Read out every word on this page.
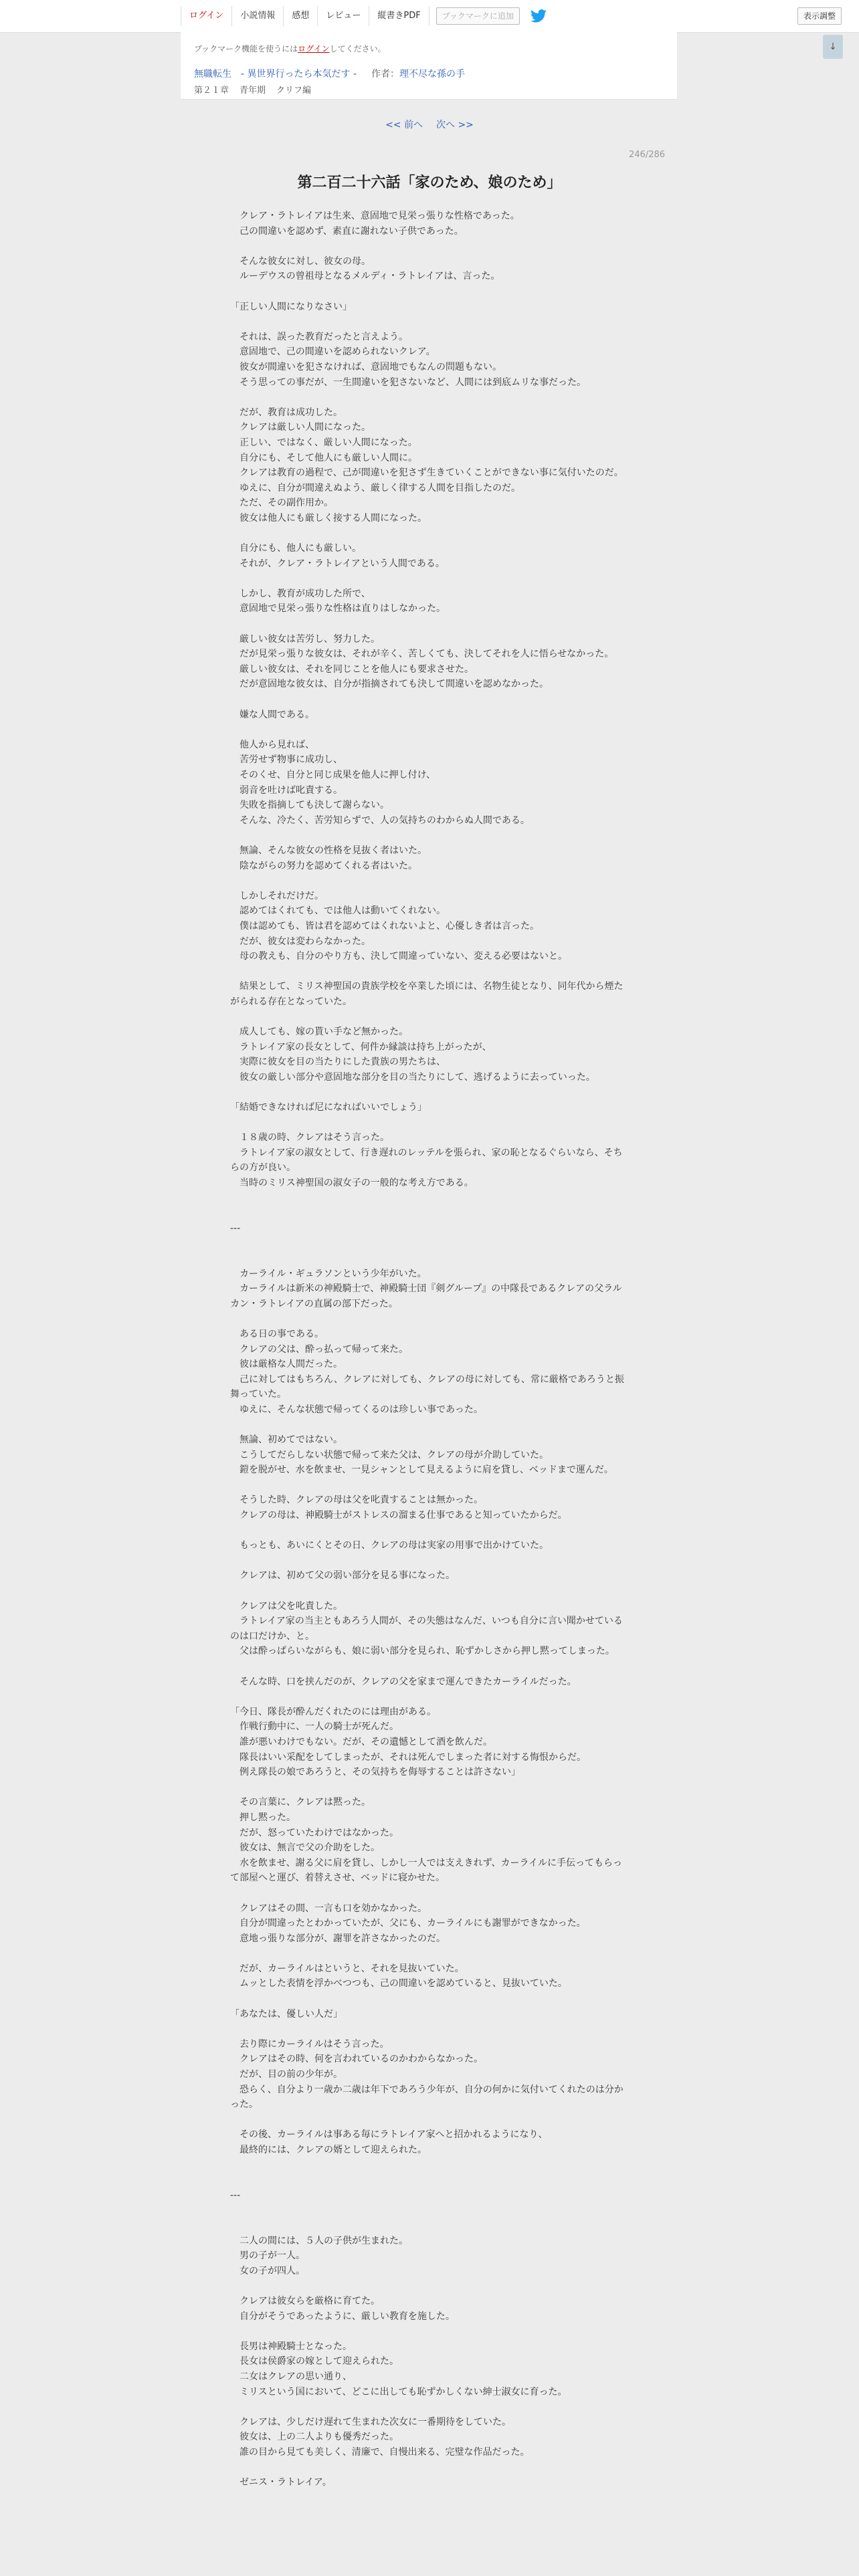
ログイン	小説情報	感想	レビュー	縦書きPDF	ブックマークに追加	表示調整
ブックマーク機能を使うにはログインしてください。
無職転生　- 異世界行ったら本気だす - 作者：理不尽な孫の手
第２１章 青年期 クリフ編
↓
<< 前へ 次へ >>
246/286
第二百二十六話「家のため、娘のため」

　クレア・ラトレイアは生来、意固地で見栄っ張りな性格であった。

　己の間違いを認めず、素直に謝れない子供であった。

　そんな彼女に対し、彼女の母。

　ルーデウスの曾祖母となるメルディ・ラトレイアは、言った。

「正しい人間になりなさい」

　それは、誤った教育だったと言えよう。

　意固地で、己の間違いを認められないクレア。

　彼女が間違いを犯さなければ、意固地でもなんの問題もない。

　そう思っての事だが、一生間違いを犯さないなど、人間には到底ムリな事だった。

　だが、教育は成功した。

　クレアは厳しい人間になった。

　正しい、ではなく、厳しい人間になった。

　自分にも、そして他人にも厳しい人間に。

　クレアは教育の過程で、己が間違いを犯さず生きていくことができない事に気付いたのだ。

　ゆえに、自分が間違えぬよう、厳しく律する人間を目指したのだ。

　ただ、その副作用か。

　彼女は他人にも厳しく接する人間になった。

　自分にも、他人にも厳しい。

　それが、クレア・ラトレイアという人間である。

　しかし、教育が成功した所で、

　意固地で見栄っ張りな性格は直りはしなかった。

　厳しい彼女は苦労し、努力した。

　だが見栄っ張りな彼女は、それが辛く、苦しくても、決してそれを人に悟らせなかった。

　厳しい彼女は、それを同じことを他人にも要求させた。

　だが意固地な彼女は、自分が指摘されても決して間違いを認めなかった。

　嫌な人間である。

　他人から見れば、

　苦労せず物事に成功し、

　そのくせ、自分と同じ成果を他人に押し付け、

　弱音を吐けば叱責する。

　失敗を指摘しても決して謝らない。

　そんな、冷たく、苦労知らずで、人の気持ちのわからぬ人間である。

　無論、そんな彼女の性格を見抜く者はいた。

　陰ながらの努力を認めてくれる者はいた。

　しかしそれだけだ。

　認めてはくれても、では他人は動いてくれない。

　僕は認めても、皆は君を認めてはくれないよと、心優しき者は言った。

　だが、彼女は変わらなかった。

　母の教えも、自分のやり方も、決して間違っていない、変える必要はないと。

　結果として、ミリス神聖国の貴族学校を卒業した頃には、名物生徒となり、同年代から煙たがられる存在となっていた。

　成人しても、嫁の貰い手など無かった。

　ラトレイア家の長女として、何件か縁談は持ち上がったが、

　実際に彼女を目の当たりにした貴族の男たちは、

　彼女の厳しい部分や意固地な部分を目の当たりにして、逃げるように去っていった。

「結婚できなければ尼になればいいでしょう」

　１８歳の時、クレアはそう言った。

　ラトレイア家の淑女として、行き遅れのレッテルを張られ、家の恥となるぐらいなら、そちらの方が良い。

　当時のミリス神聖国の淑女子の一般的な考え方である。

---

　カーライル・ギュラソンという少年がいた。

　カーライルは新米の神殿騎士で、神殿騎士団『剣グループ』の中隊長であるクレアの父ラルカン・ラトレイアの直属の部下だった。

　ある日の事である。

　クレアの父は、酔っ払って帰って来た。

　彼は厳格な人間だった。

　己に対してはもちろん、クレアに対しても、クレアの母に対しても、常に厳格であろうと振舞っていた。

　ゆえに、そんな状態で帰ってくるのは珍しい事であった。

　無論、初めてではない。

　こうしてだらしない状態で帰って来た父は、クレアの母が介助していた。

　鎧を脱がせ、水を飲ませ、一見シャンとして見えるように肩を貸し、ベッドまで運んだ。

　そうした時、クレアの母は父を叱責することは無かった。

　クレアの母は、神殿騎士がストレスの溜まる仕事であると知っていたからだ。

　もっとも、あいにくとその日、クレアの母は実家の用事で出かけていた。

　クレアは、初めて父の弱い部分を見る事になった。

　クレアは父を叱責した。

　ラトレイア家の当主ともあろう人間が、その失態はなんだ、いつも自分に言い聞かせているのは口だけか、と。

　父は酔っぱらいながらも、娘に弱い部分を見られ、恥ずかしさから押し黙ってしまった。

　そんな時、口を挟んだのが、クレアの父を家まで運んできたカーライルだった。

「今日、隊長が酔んだくれたのには理由がある。

　作戦行動中に、一人の騎士が死んだ。

　誰が悪いわけでもない。だが、その遺憾として酒を飲んだ。

　隊長はいい采配をしてしまったが、それは死んでしまった者に対する悔恨からだ。

　例え隊長の娘であろうと、その気持ちを侮辱することは許さない」

　その言葉に、クレアは黙った。

　押し黙った。

　だが、怒っていたわけではなかった。

　彼女は、無言で父の介助をした。

　水を飲ませ、謝る父に肩を貸し、しかし一人では支えきれず、カーライルに手伝ってもらって部屋へと運び、着替えさせ、ベッドに寝かせた。

　クレアはその間、一言も口を効かなかった。

　自分が間違ったとわかっていたが、父にも、カーライルにも謝罪ができなかった。

　意地っ張りな部分が、謝罪を許さなかったのだ。

　だが、カーライルはというと、それを見抜いていた。

　ムッとした表情を浮かべつつも、己の間違いを認めていると、見抜いていた。

「あなたは、優しい人だ」

　去り際にカーライルはそう言った。

　クレアはその時、何を言われているのかわからなかった。

　だが、目の前の少年が。

　恐らく、自分より一歳か二歳は年下であろう少年が、自分の何かに気付いてくれたのは分かった。

　その後、カーライルは事ある毎にラトレイア家へと招かれるようになり、

　最終的には、クレアの婿として迎えられた。

---

　二人の間には、５人の子供が生まれた。

　男の子が一人。

　女の子が四人。

　クレアは彼女らを厳格に育てた。

　自分がそうであったように、厳しい教育を施した。

　長男は神殿騎士となった。

　長女は侯爵家の嫁として迎えられた。

　二女はクレアの思い通り、

　ミリスという国において、どこに出しても恥ずかしくない紳士淑女に育った。

　クレアは、少しだけ遅れて生まれた次女に一番期待をしていた。

　彼女は、上の二人よりも優秀だった。

　誰の目から見ても美しく、清廉で、自慢出来る、完璧な作品だった。

　ゼニス・ラトレイア。
